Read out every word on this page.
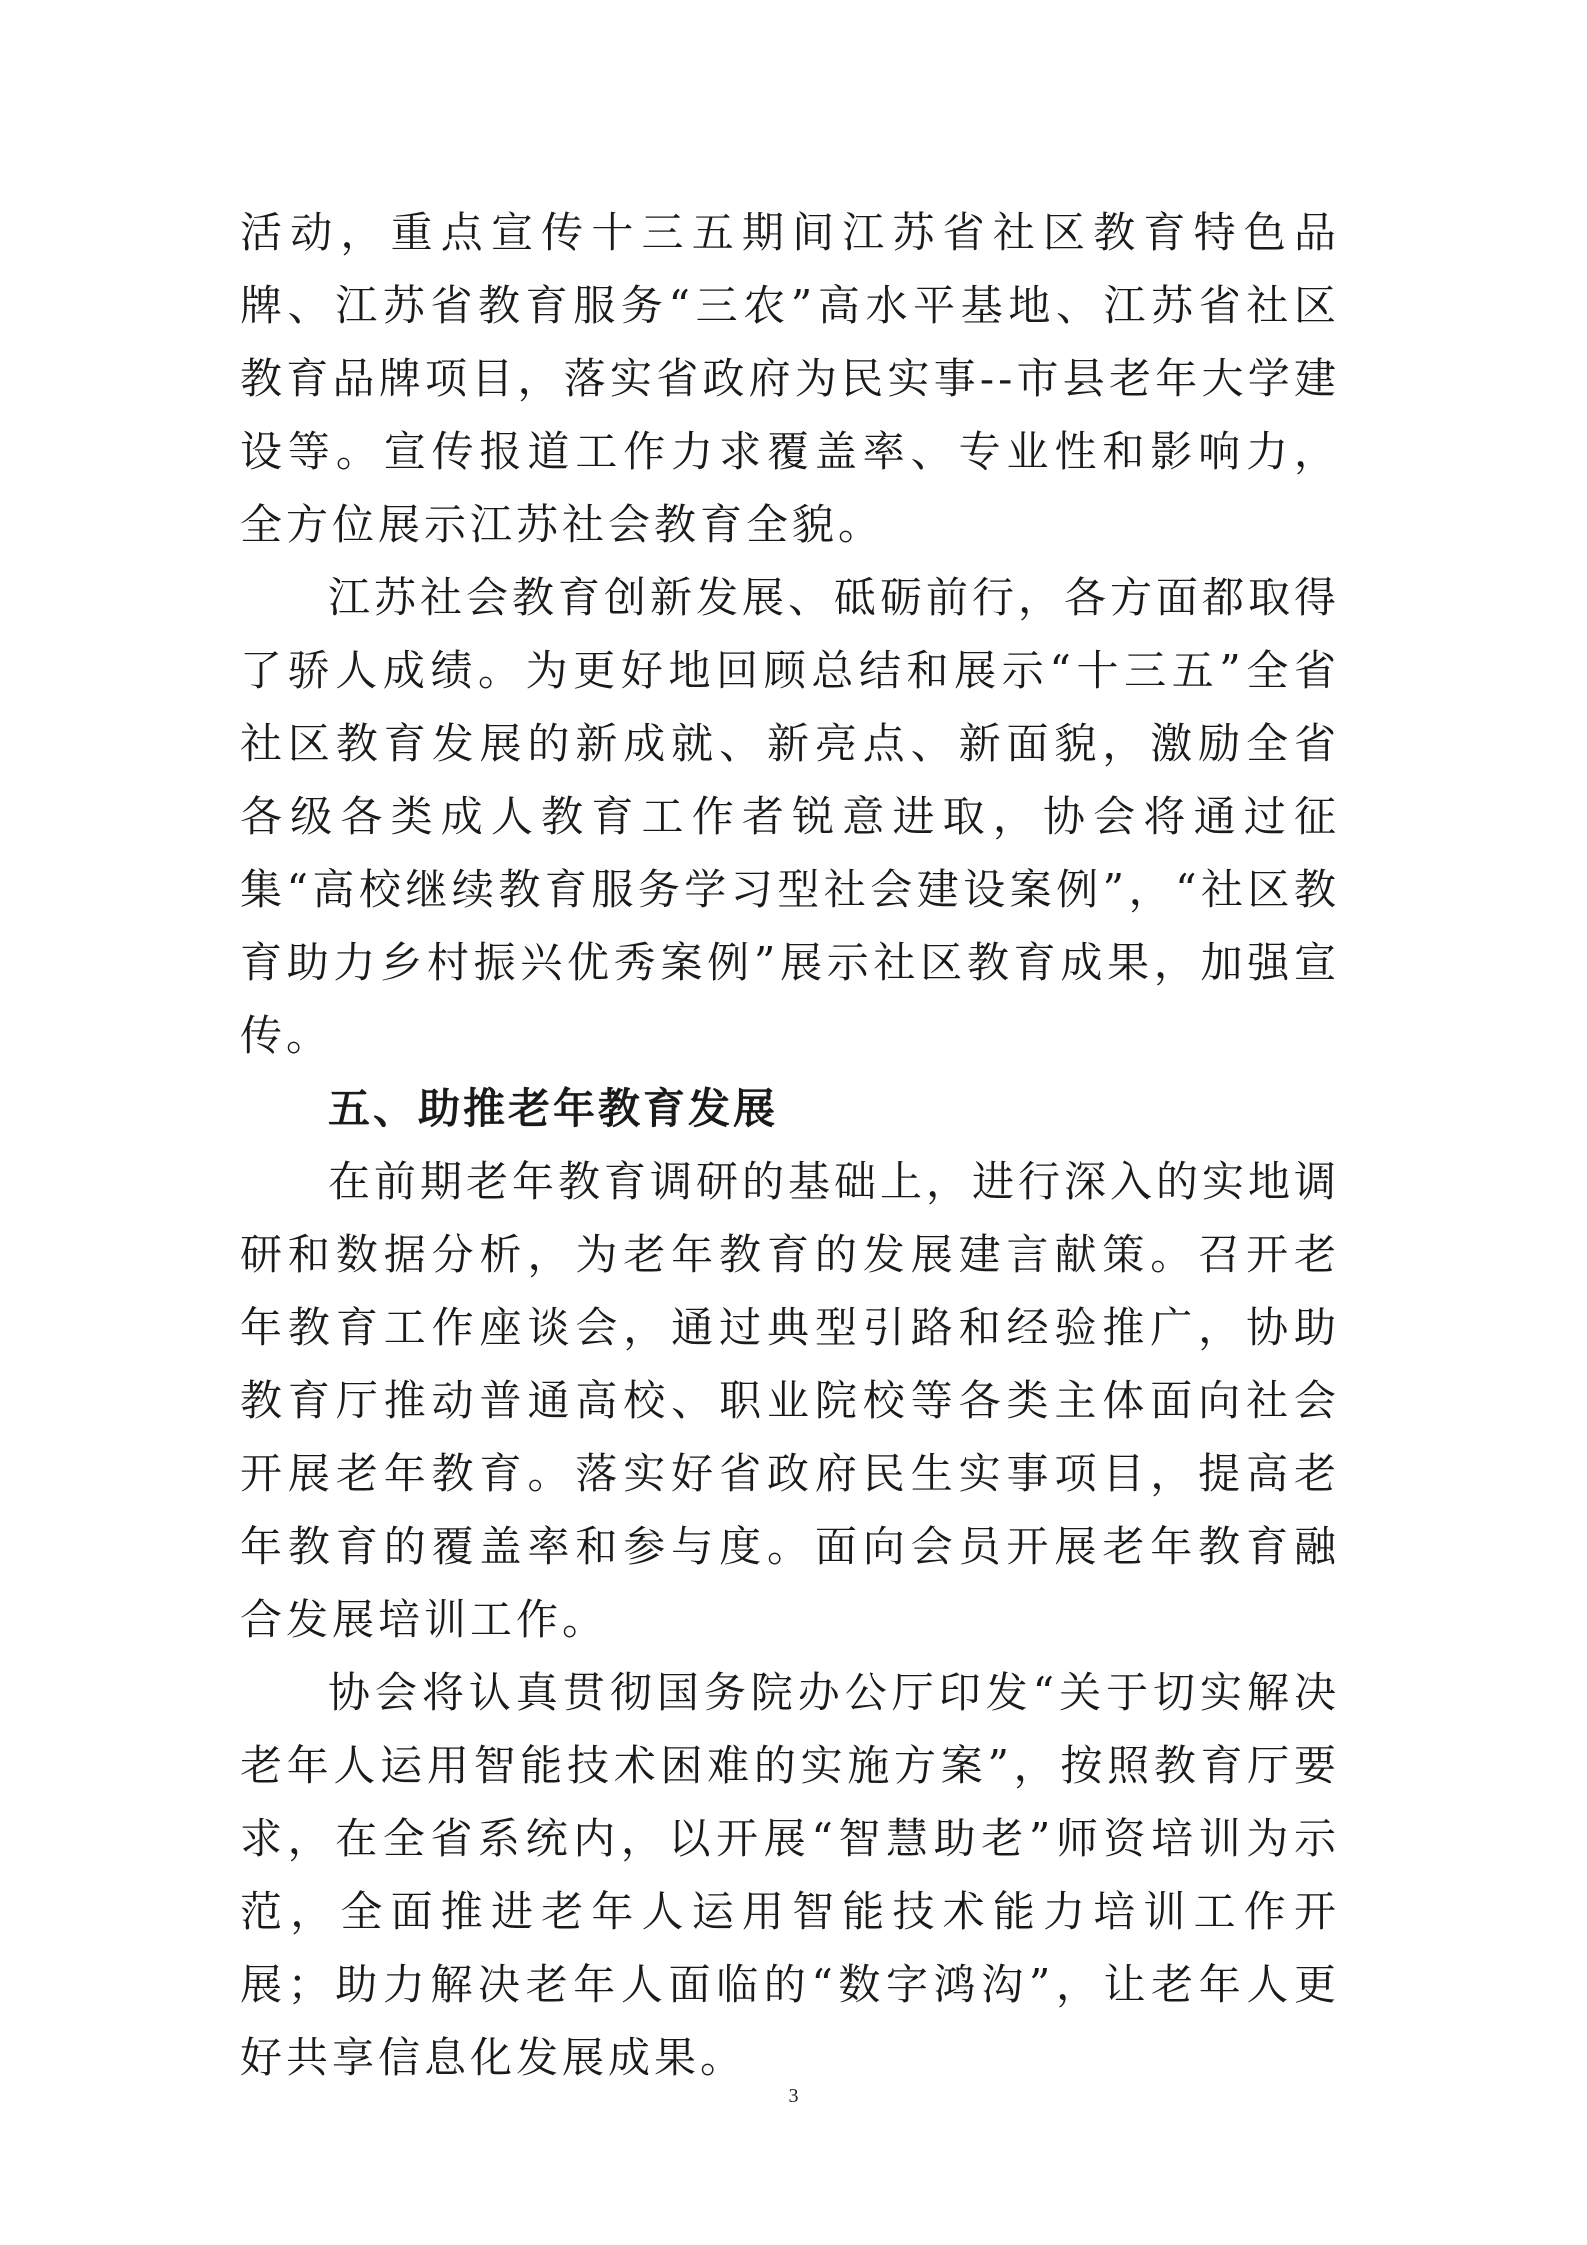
活动，重点宣传十三五期间江苏省社区教育特色品牌、江苏省教育服务“三农”高水平基地、江苏省社区教育品牌项目，落实省政府为民实事--市县老年大学建设等。宣传报道工作力求覆盖率、专业性和影响力，全方位展示江苏社会教育全貌。

江苏社会教育创新发展、砥砺前行，各方面都取得了骄人成绩。为更好地回顾总结和展示“十三五”全省社区教育发展的新成就、新亮点、新面貌，激励全省各级各类成人教育工作者锐意进取，协会将通过征集“高校继续教育服务学习型社会建设案例”，“社区教育助力乡村振兴优秀案例”展示社区教育成果，加强宣传。

五、助推老年教育发展

在前期老年教育调研的基础上，进行深入的实地调研和数据分析，为老年教育的发展建言献策。召开老年教育工作座谈会，通过典型引路和经验推广，协助教育厅推动普通高校、职业院校等各类主体面向社会开展老年教育。落实好省政府民生实事项目，提高老年教育的覆盖率和参与度。面向会员开展老年教育融合发展培训工作。

协会将认真贯彻国务院办公厅印发“关于切实解决老年人运用智能技术困难的实施方案”，按照教育厅要求，在全省系统内，以开展“智慧助老”师资培训为示范，全面推进老年人运用智能技术能力培训工作开展；助力解决老年人面临的“数字鸿沟”，让老年人更好共享信息化发展成果。

3
